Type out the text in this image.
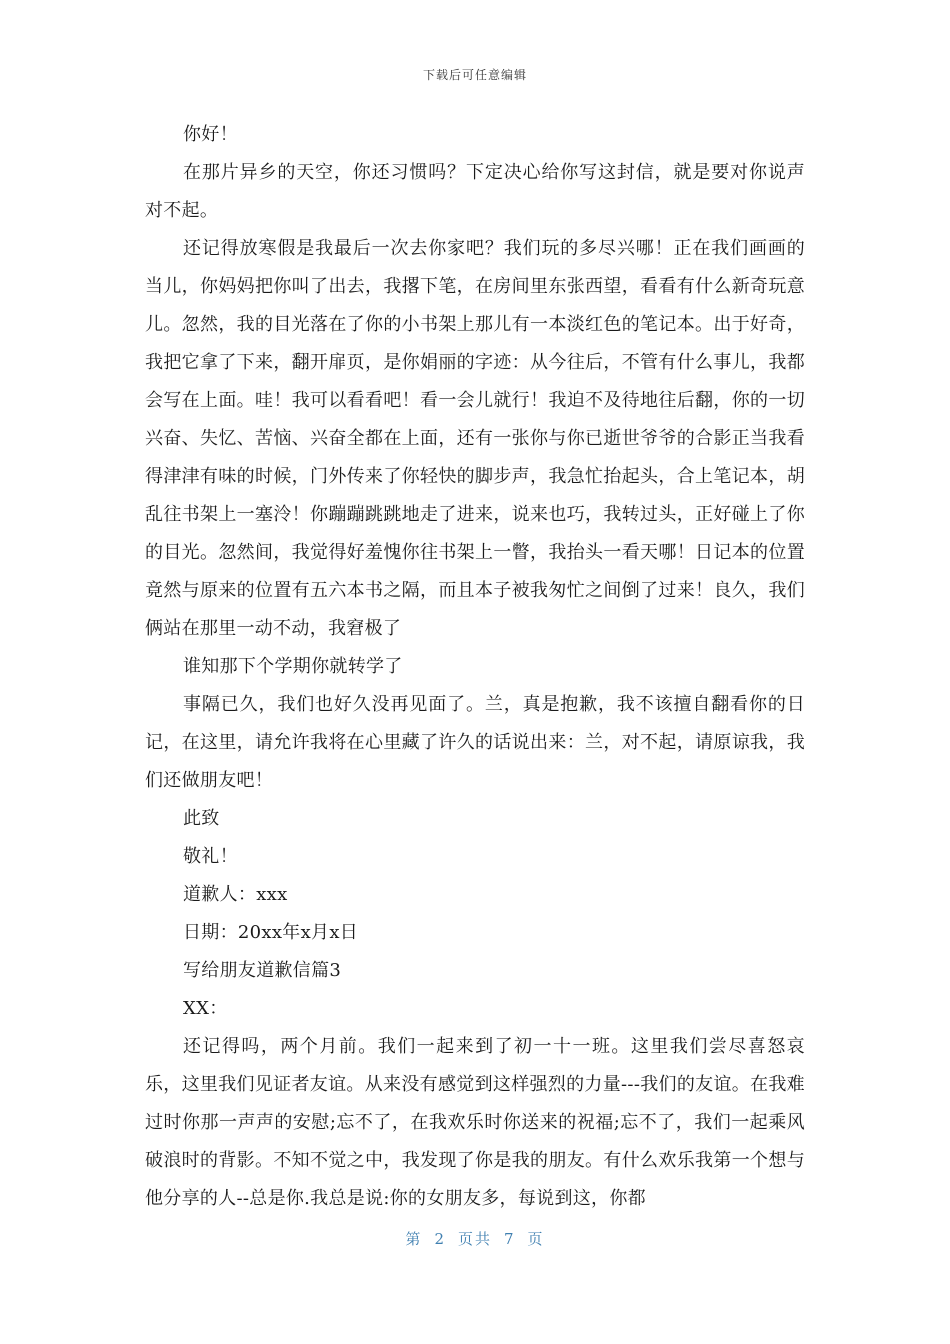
下载后可任意编辑

你好！

在那片异乡的天空，你还习惯吗？下定决心给你写这封信，就是要对你说声对不起。

还记得放寒假是我最后一次去你家吧？我们玩的多尽兴哪！正在我们画画的当儿，你妈妈把你叫了出去，我撂下笔，在房间里东张西望，看看有什么新奇玩意儿。忽然，我的目光落在了你的小书架上那儿有一本淡红色的笔记本。出于好奇，我把它拿了下来，翻开扉页，是你娟丽的字迹：从今往后，不管有什么事儿，我都会写在上面。哇！我可以看看吧！看一会儿就行！我迫不及待地往后翻，你的一切兴奋、失忆、苦恼、兴奋全都在上面，还有一张你与你已逝世爷爷的合影正当我看得津津有味的时候，门外传来了你轻快的脚步声，我急忙抬起头，合上笔记本，胡乱往书架上一塞泠！你蹦蹦跳跳地走了进来，说来也巧，我转过头，正好碰上了你的目光。忽然间，我觉得好羞愧你往书架上一瞥，我抬头一看天哪！日记本的位置竟然与原来的位置有五六本书之隔，而且本子被我匆忙之间倒了过来！良久，我们俩站在那里一动不动，我窘极了

谁知那下个学期你就转学了

事隔已久，我们也好久没再见面了。兰，真是抱歉，我不该擅自翻看你的日记，在这里，请允许我将在心里藏了许久的话说出来：兰，对不起，请原谅我，我们还做朋友吧！

此致

敬礼！

道歉人：xxx

日期：20xx年x月x日

写给朋友道歉信篇3

XX：

还记得吗，两个月前。我们一起来到了初一十一班。这里我们尝尽喜怒哀乐，这里我们见证者友谊。从来没有感觉到这样强烈的力量---我们的友谊。在我难过时你那一声声的安慰;忘不了，在我欢乐时你送来的祝福;忘不了，我们一起乘风破浪时的背影。不知不觉之中，我发现了你是我的朋友。有什么欢乐我第一个想与他分享的人--总是你.我总是说:你的女朋友多，每说到这，你都

第 2 页共 7 页
